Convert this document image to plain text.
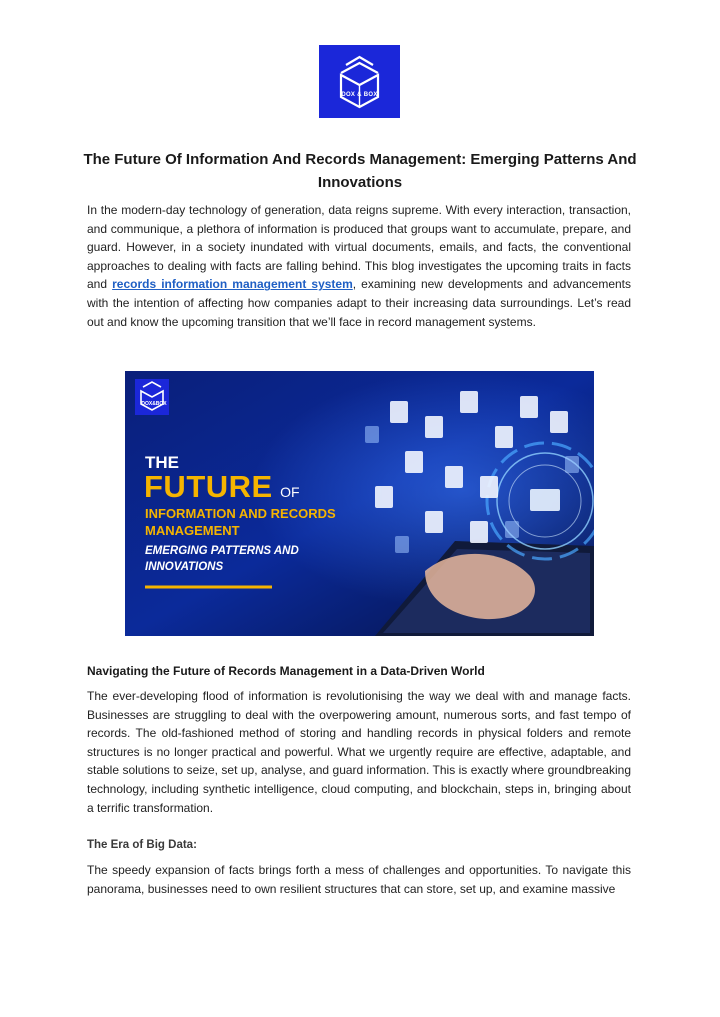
DOX & BOX
The Future Of Information And Records Management: Emerging Patterns And Innovations

In the modern-day technology of generation, data reigns supreme. With every interaction, transaction, and communique, a plethora of information is produced that groups want to accumulate, prepare, and guard. However, in a society inundated with virtual documents, emails, and facts, the conventional approaches to dealing with facts are falling behind. This blog investigates the upcoming traits in facts and records information management system, examining new developments and advancements with the intention of affecting how companies adapt to their increasing data surroundings. Let’s read out and know the upcoming transition that we’ll face in record management systems.

DOX&BOX
THE
FUTURE OF
INFORMATION AND RECORDS
MANAGEMENT
EMERGING PATTERNS AND
INNOVATIONS

Navigating the Future of Records Management in a Data-Driven World

The ever-developing flood of information is revolutionising the way we deal with and manage facts. Businesses are struggling to deal with the overpowering amount, numerous sorts, and fast tempo of records. The old-fashioned method of storing and handling records in physical folders and remote structures is no longer practical and powerful. What we urgently require are effective, adaptable, and stable solutions to seize, set up, analyse, and guard information. This is exactly where groundbreaking technology, including synthetic intelligence, cloud computing, and blockchain, steps in, bringing about a terrific transformation.

The Era of Big Data:

The speedy expansion of facts brings forth a mess of challenges and opportunities. To navigate this panorama, businesses need to own resilient structures that can store, set up, and examine massive
